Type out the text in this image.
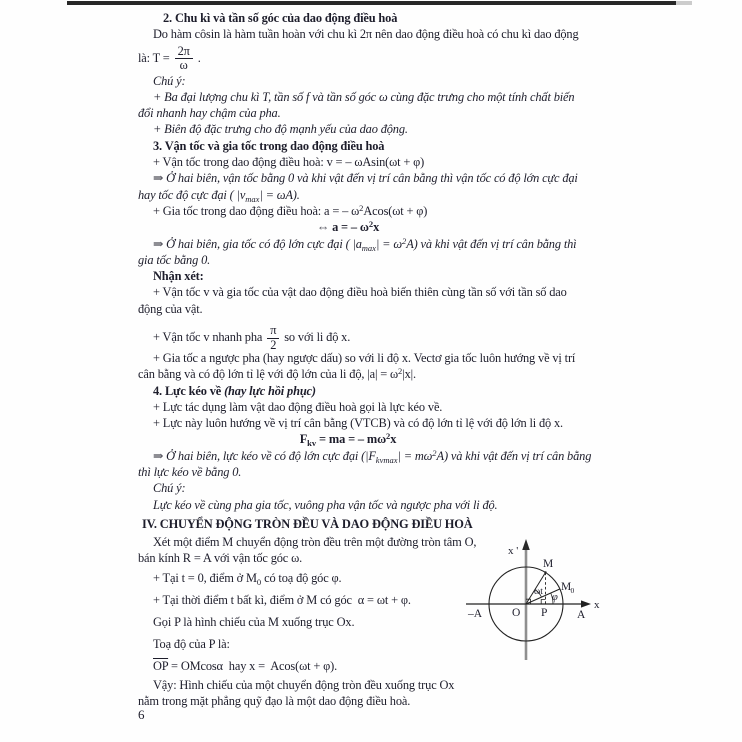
2. Chu kì và tần số góc của dao động điều hoà
Do hàm côsin là hàm tuần hoàn với chu kì 2π nên dao động điều hoà có chu kì dao động
là: $T = \frac{2\pi}{\omega}$ .
Chú ý:
+ Ba đại lượng chu kì T, tần số f và tần số góc ω cùng đặc trưng cho một tính chất biến
đổi nhanh hay chậm của pha.
+ Biên độ đặc trưng cho độ mạnh yếu của dao động.
3. Vận tốc và gia tốc trong dao động điều hoà
+ Vận tốc trong dao động điều hoà: v = – ωAsin(ωt + φ)
⇒ Ở hai biên, vận tốc bằng 0 và khi vật đến vị trí cân bằng thì vận tốc có độ lớn cực đại
hay tốc độ cực đại ( $|v_{max}| = \omega A$).
+ Gia tốc trong dao động điều hoà: a = – $\omega^2Acos(\omega t + \varphi)$
⇔ a = – $\omega^2x$
⇒ Ở hai biên, gia tốc có độ lớn cực đại ( $|a_{max}| = \omega^2A$) và khi vật đến vị trí cân bằng thì
gia tốc bằng 0.
Nhận xét:
+ Vận tốc v và gia tốc của vật dao động điều hoà biến thiên cùng tần số với tần số dao
động của vật.
+ Vận tốc v nhanh pha $\frac{\pi}{2}$ so với li độ x.
+ Gia tốc a ngược pha (hay ngược dấu) so với li độ x. Vectơ gia tốc luôn hướng về vị trí
cân bằng và có độ lớn tỉ lệ với độ lớn của li độ, $|a| = \omega^2|x|$.
4. Lực kéo về (hay lực hồi phục)
+ Lực tác dụng làm vật dao động điều hoà gọi là lực kéo về.
+ Lực này luôn hướng về vị trí cân bằng (VTCB) và có độ lớn tỉ lệ với độ lớn li độ x.
$F_{kv}$ = ma = – $m\omega^2x$
⇒ Ở hai biên, lực kéo về có độ lớn cực đại $(|F_{kvmax}| = m\omega^2A)$ và khi vật đến vị trí cân bằng
thì lực kéo về bằng 0.
Chú ý:
Lực kéo về cùng pha gia tốc, vuông pha vận tốc và ngược pha với li độ.
IV. CHUYỂN ĐỘNG TRÒN ĐỀU VÀ DAO ĐỘNG ĐIỀU HOÀ
Xét một điểm M chuyển động tròn đều trên một đường tròn tâm O,
bán kính R = A với vận tốc góc ω.
+ Tại t = 0, điểm ở $M_0$ có toạ độ góc φ.
+ Tại thời điểm t bất kì, điểm ở M có góc  α = ωt + φ.
Gọi P là hình chiếu của M xuống trục Ox.
Toạ độ của P là:
$\overline{OP} = OMcos\alpha$  hay x =  Acos(ωt + φ).
Vậy: Hình chiếu của một chuyển động tròn đều xuống trục Ox
nằm trong mặt phẳng quỹ đạo là một dao động điều hoà.
x '
x
M
M 0
O P	A
–A
ωt φ
6
